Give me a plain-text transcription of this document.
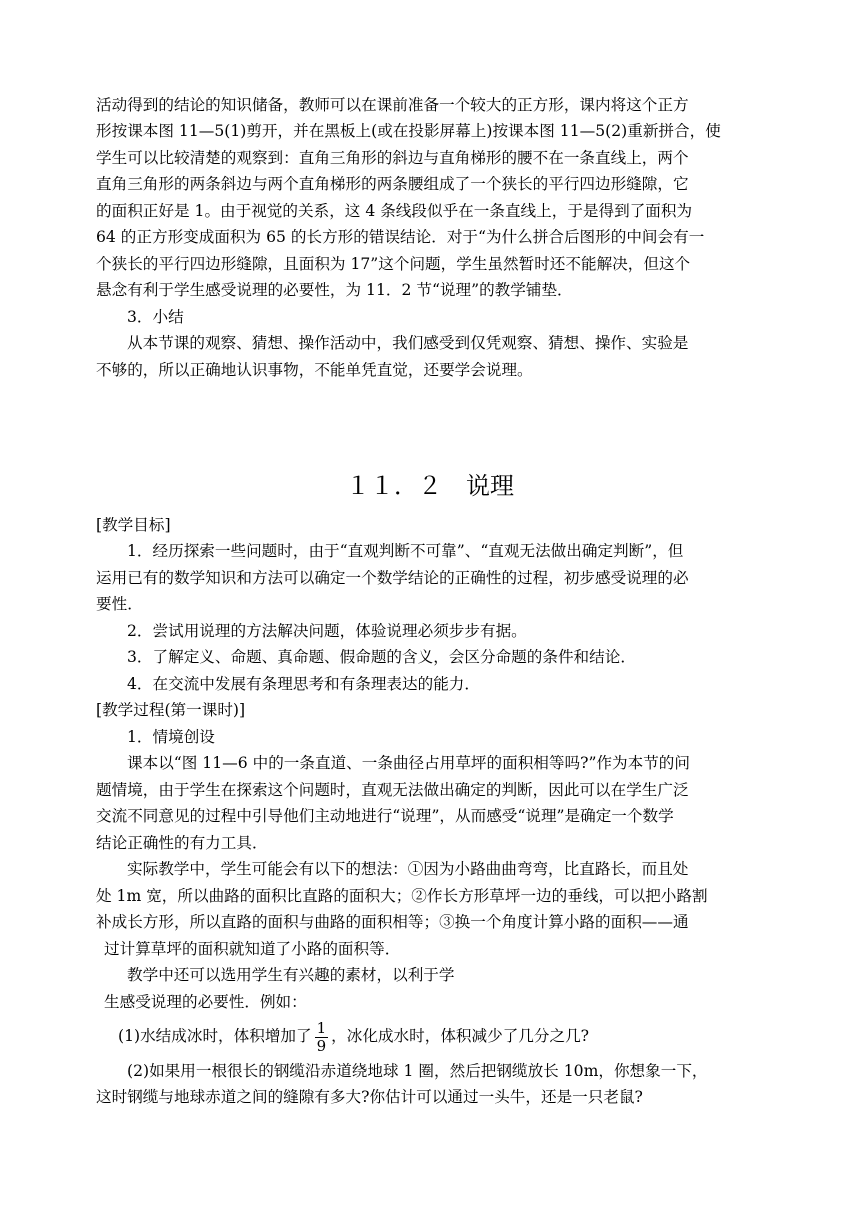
活动得到的结论的知识储备，教师可以在课前准备一个较大的正方形，课内将这个正方
形按课本图 11—5(1)剪开，并在黑板上(或在投影屏幕上)按课本图 11—5(2)重新拼合，使
学生可以比较清楚的观察到：直角三角形的斜边与直角梯形的腰不在一条直线上，两个
直角三角形的两条斜边与两个直角梯形的两条腰组成了一个狭长的平行四边形缝隙，它
的面积正好是 1。由于视觉的关系，这 4 条线段似乎在一条直线上，于是得到了面积为
64 的正方形变成面积为 65 的长方形的错误结论．对于“为什么拼合后图形的中间会有一
个狭长的平行四边形缝隙，且面积为 17”这个问题，学生虽然暂时还不能解决，但这个
悬念有利于学生感受说理的必要性，为 11．2 节“说理”的教学铺垫．
3．小结
从本节课的观察、猜想、操作活动中，我们感受到仅凭观察、猜想、操作、实验是
不够的，所以正确地认识事物，不能单凭直觉，还要学会说理。
１１．２　说理
[教学目标]
1．经历探索一些问题时，由于“直观判断不可靠”、“直观无法做出确定判断”，但
运用已有的数学知识和方法可以确定一个数学结论的正确性的过程，初步感受说理的必
要性．
2．尝试用说理的方法解决问题，体验说理必须步步有据。
3．了解定义、命题、真命题、假命题的含义，会区分命题的条件和结论．
4．在交流中发展有条理思考和有条理表达的能力．
[教学过程(第一课时)]
1．情境创设
课本以“图 11—6 中的一条直道、一条曲径占用草坪的面积相等吗?”作为本节的问
题情境，由于学生在探索这个问题时，直观无法做出确定的判断，因此可以在学生广泛
交流不同意见的过程中引导他们主动地进行“说理”，从而感受“说理”是确定一个数学
结论正确性的有力工具．
实际教学中，学生可能会有以下的想法：①因为小路曲曲弯弯，比直路长，而且处
处 1m 宽，所以曲路的面积比直路的面积大；②作长方形草坪一边的垂线，可以把小路割
补成长方形，所以直路的面积与曲路的面积相等；③换一个角度计算小路的面积——通
过计算草坪的面积就知道了小路的面积等．
教学中还可以选用学生有兴趣的素材，以利于学
生感受说理的必要性．例如：
(1)水结成冰时，体积增加了 $\frac{1}{9}$ ，冰化成水时，体积减少了几分之几?
(2)如果用一根很长的钢缆沿赤道绕地球 1 圈，然后把钢缆放长 10m，你想象一下，
这时钢缆与地球赤道之间的缝隙有多大?你估计可以通过一头牛，还是一只老鼠?
